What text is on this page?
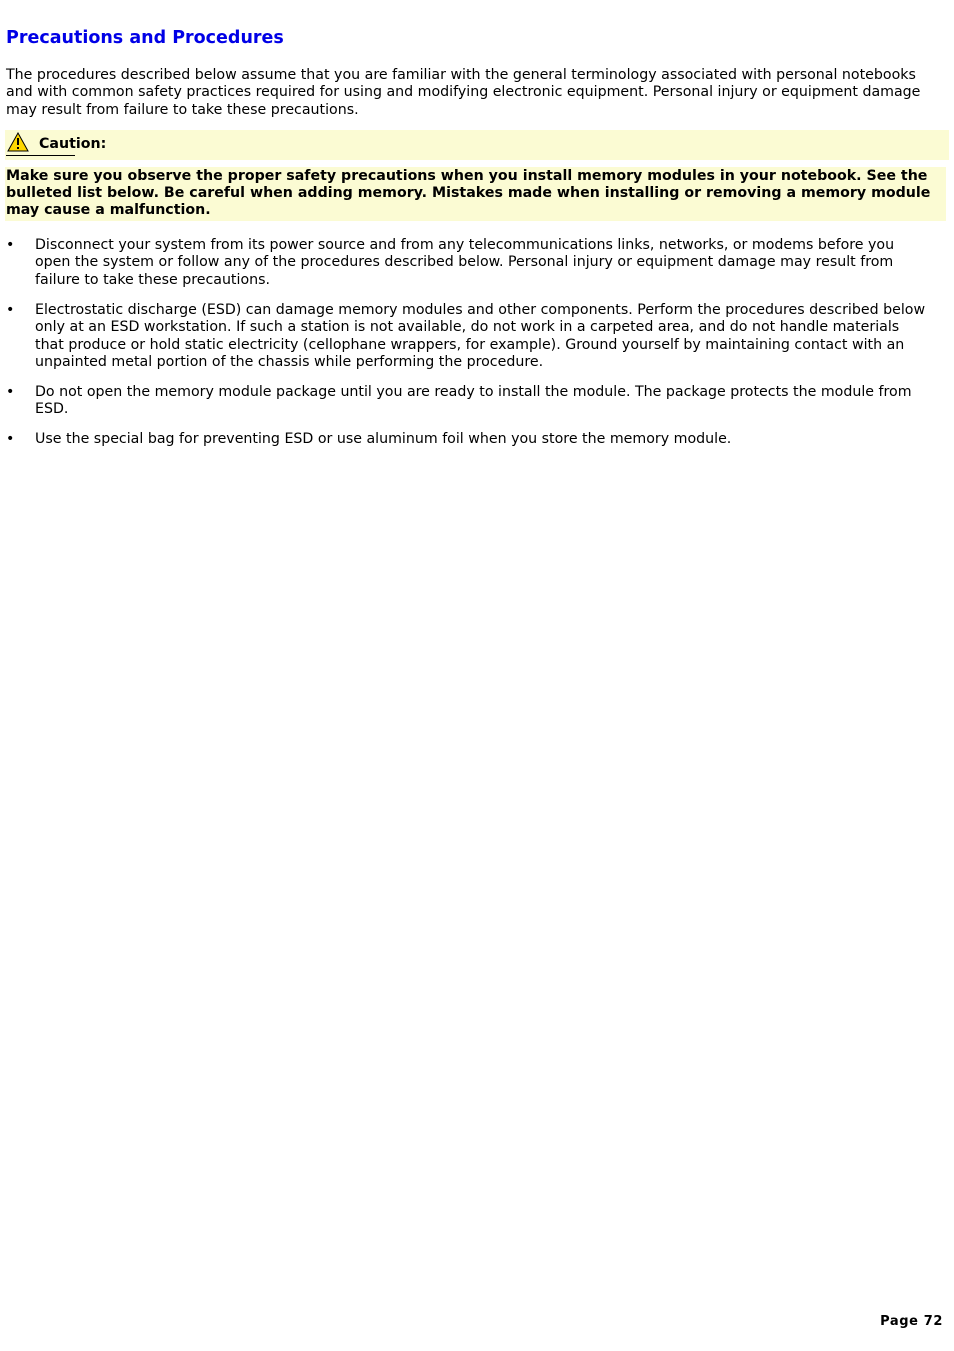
Precautions and Procedures

The procedures described below assume that you are familiar with the general terminology associated with personal notebooks and with common safety practices required for using and modifying electronic equipment. Personal injury or equipment damage may result from failure to take these precautions.

Caution:

Make sure you observe the proper safety precautions when you install memory modules in your notebook. See the bulleted list below. Be careful when adding memory. Mistakes made when installing or removing a memory module may cause a malfunction.

• Disconnect your system from its power source and from any telecommunications links, networks, or modems before you open the system or follow any of the procedures described below. Personal injury or equipment damage may result from failure to take these precautions.
• Electrostatic discharge (ESD) can damage memory modules and other components. Perform the procedures described below only at an ESD workstation. If such a station is not available, do not work in a carpeted area, and do not handle materials that produce or hold static electricity (cellophane wrappers, for example). Ground yourself by maintaining contact with an unpainted metal portion of the chassis while performing the procedure.
• Do not open the memory module package until you are ready to install the module. The package protects the module from ESD.
• Use the special bag for preventing ESD or use aluminum foil when you store the memory module.
Page 72
